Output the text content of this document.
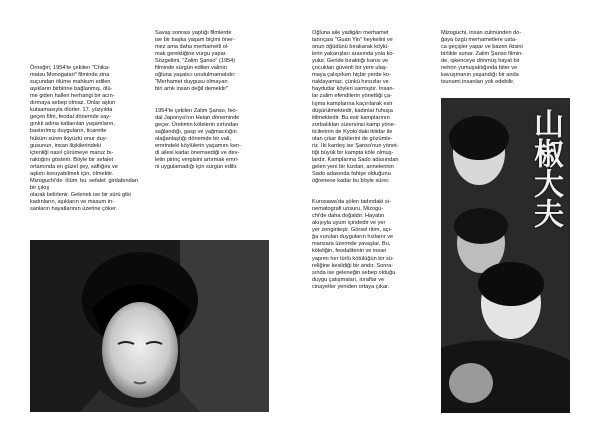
Örneğin; 1954'te çekilen "Chika-
matsu Monogatari" filminde zina
suçundan ölüme mahkum edilen
aşıkların birbirine bağlanmış, ölü-
me giden halleri herhangi bir acın-
dırmaya sebep olmaz. Onlar aşkın
kutsamasıyla ölürler. 17. yüzyılda
geçen film, feodal dönemde say-
gınlık adına katlanılan yaşamların,
bastırılmış duyguların, ticarette
hüküm süren ikiyüzlü onur duy-
gusunun, insan ilişkilerindeki
içtenliği nasıl çürümeye maruz bı-
raktığını gösterir. Böyle bir sefalet
ortamında en güzel şey, saflığını ve
aşkını koruyabilmek için, ölmektir.
Mizoguchi'de ölüm bu sefalet girdabından bir çıkış
olarak belirlenir. Gelenek ise bir sürü gibi
kadınların, aşıkların ve masum in-
sanların hayatlarının üzerine çöker.

Savaş sonrası yaptığı filmlerde
ise bir başka yaşam biçimi öner-
mez ama daha merhametli ol-
mak gerektiğine vurgu yapar.
Sözgelimi, "Zalim Şanso" (1954)
filminde sürgün edilen valinin
oğluna yaşatıcı unutulmamalıdır:
"Merhamet duygusu olmayan
biri artık insan değil demektir"

1954'te çekilen Zalim Şanso, feo-
dal Japonya'nın Heian döneminde
geçer. Üretimin kölelerin sırtından
sağlandığı, gasp ve yağmacılığın
olağanlaştığı dönemde bir vali,
emrindeki köylülerin yaşamını ken-
di ailesi kadar önemsediği ve dev-
letin pirinç vergisini artırmak emri-
ni uygulamadığı için sürgün edilir.

Oğluna aile yadigârı merhamet
tanrıçası "Guan Yin" heykelini ve
onun öğüdünü bırakarak köylü-
lerin yakarışları arasında yola ko-
yulur. Geride bıraktığı karısı ve
çocukları güvenli bir yere ulaş-
maya çalışırken hiçbir yerde ko-
naklayamaz, çünkü hırsızlar ve
haydutlar köyleri sarmıştır. İnsan-
lar zalim efendilerin yönettiği ça-
lışma kamplarına kaçırılarak esir
düşürülmektedir, kadınlar fuhuşa
itilmektedir. Bu esir kamplarının
zorbalıkları sürersinsi kamp yöne-
ticilerinin de Kyoto'daki iktidar ile
olan çıkar ilişkilerini de gözümle-
riz. İki kardeş ise Şanso'nun yönet-
tiği büyük bir kampta köle olmuş-
lardır. Kamplarına Sado adasından
gelen yeni bir kızdan, annelerinin
Sado adasında fahişe olduğunu
öğrenene kadar bu böyle sürer.

Kurosawa'da şölen tadındaki si-
nematografi unsuru, Mizogu-
chi'de daha doğaldır. Hayatın
akışıyla uyum içindedir ve yer
yer zenginleşir. Görsel ritim, açı-
ğa vurulan duyguların hızlanır ve
manzara üzerinde yavaşlar. Bu,
köleliğin, feodalitenin ve insan
yapımı her türlü kötülüğün bir sü-
reliğine kesildiği bir andır. Sonra-
sında ise geleneğin sebep olduğu
duygu çatışmaları, ıtıraflar ve
cinayetler yeniden ortaya çıkar.

Mizoguchi, insan zulmünden do-
ğaya özgü merhametlere usta-
ca geçişler yapar ve bazen ikisini
birlikte sunar. Zalim Şanso filmin-
de, işkenceye dönmüş hayat bir
nehrin yumuşaklığında biter ve
kavuşmanın yaşandığı bir anda
tsunami insanları yok edebilir.

山椒大夫
